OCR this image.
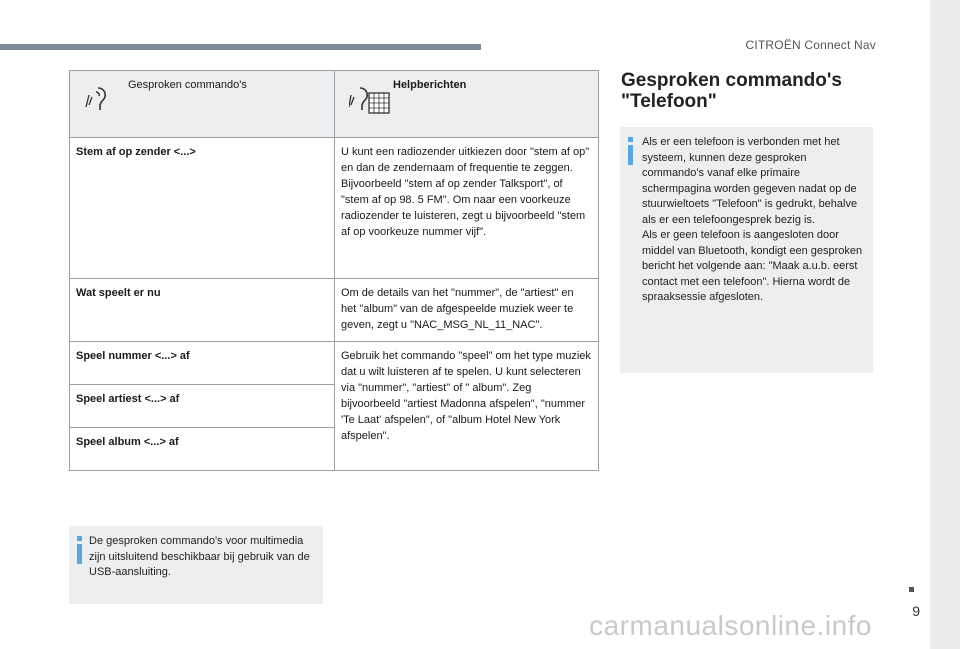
CITROËN Connect Nav
9
Gesproken commando's	Helpberichten

Stem af op zender <...>	U kunt een radiozender uitkiezen door "stem af op" en dan de zendernaam of frequentie te zeggen. Bijvoorbeeld "stem af op zender Talksport", of "stem af op 98. 5 FM". Om naar een voorkeuze radiozender te luisteren, zegt u bijvoorbeeld "stem af op voorkeuze nummer vijf".
Wat speelt er nu	Om de details van het "nummer", de "artiest" en het "album" van de afgespeelde muziek weer te geven, zegt u "NAC_MSG_NL_11_NAC".
Speel nummer <...> af	Gebruik het commando "speel" om het type muziek dat u wilt luisteren af te spelen. U kunt selecteren via "nummer", "artiest" of " album". Zeg bijvoorbeeld "artiest Madonna afspelen", "nummer 'Te Laat' afspelen", of "album Hotel New York afspelen".
Speel artiest <...> af	
Speel album <...> af	
De gesproken commando's voor multimedia zijn uitsluitend beschikbaar bij gebruik van de USB-aansluiting.
Gesproken commando's "Telefoon"
Als er een telefoon is verbonden met het systeem, kunnen deze gesproken commando's vanaf elke primaire schermpagina worden gegeven nadat op de stuurwieltoets "Telefoon" is gedrukt, behalve als er een telefoongesprek bezig is.
Als er geen telefoon is aangesloten door middel van Bluetooth, kondigt een gesproken bericht het volgende aan: "Maak a.u.b. eerst contact met een telefoon". Hierna wordt de spraaksessie afgesloten.
carmanualsonline.info
